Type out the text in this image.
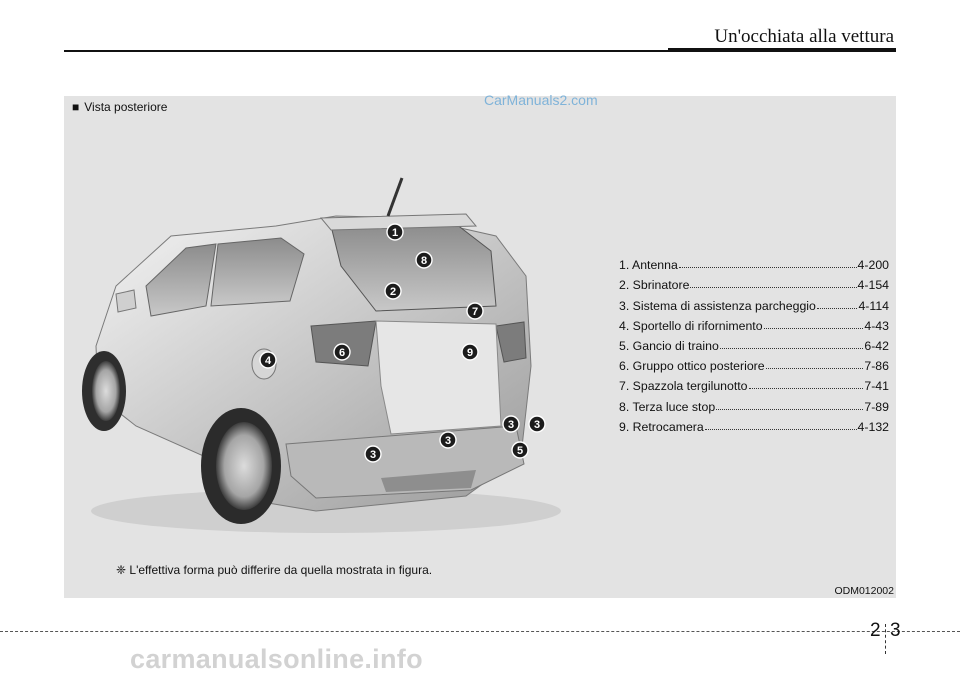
Un'occhiata alla vettura
■ Vista posteriore	CarManuals2.com
1
8
2
7
6	9
4
3 3
3
3	5
1. Antenna	4-200
2. Sbrinatore	4-154
3. Sistema di assistenza parcheggio	4-114
4. Sportello di rifornimento	4-43
5. Gancio di traino	6-42
6. Gruppo ottico posteriore	7-86
7. Spazzola tergilunotto	7-41
8. Terza luce stop	7-89
9. Retrocamera	4-132
❈ L'effettiva forma può differire da quella mostrata in figura.
ODM012002
2 3
carmanualsonline.info
